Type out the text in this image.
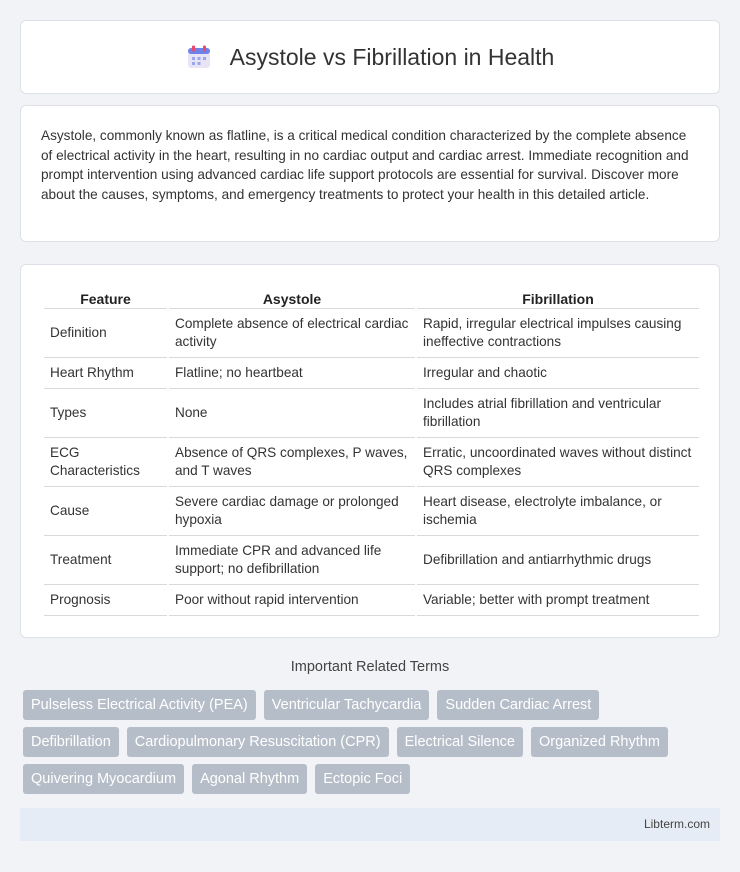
Asystole vs Fibrillation in Health

Asystole, commonly known as flatline, is a critical medical condition characterized by the complete absence of electrical activity in the heart, resulting in no cardiac output and cardiac arrest. Immediate recognition and prompt intervention using advanced cardiac life support protocols are essential for survival. Discover more about the causes, symptoms, and emergency treatments to protect your health in this detailed article.

Feature	Asystole	Fibrillation
Definition	Complete absence of electrical cardiac activity	Rapid, irregular electrical impulses causing ineffective contractions
Heart Rhythm	Flatline; no heartbeat	Irregular and chaotic
Types	None	Includes atrial fibrillation and ventricular fibrillation
ECG Characteristics	Absence of QRS complexes, P waves, and T waves	Erratic, uncoordinated waves without distinct QRS complexes
Cause	Severe cardiac damage or prolonged hypoxia	Heart disease, electrolyte imbalance, or ischemia
Treatment	Immediate CPR and advanced life support; no defibrillation	Defibrillation and antiarrhythmic drugs
Prognosis	Poor without rapid intervention	Variable; better with prompt treatment
Important Related Terms
Pulseless Electrical Activity (PEA)	Ventricular Tachycardia	Sudden Cardiac Arrest
Defibrillation	Cardiopulmonary Resuscitation (CPR)	Electrical Silence	Organized Rhythm
Quivering Myocardium	Agonal Rhythm	Ectopic Foci
Libterm.com
